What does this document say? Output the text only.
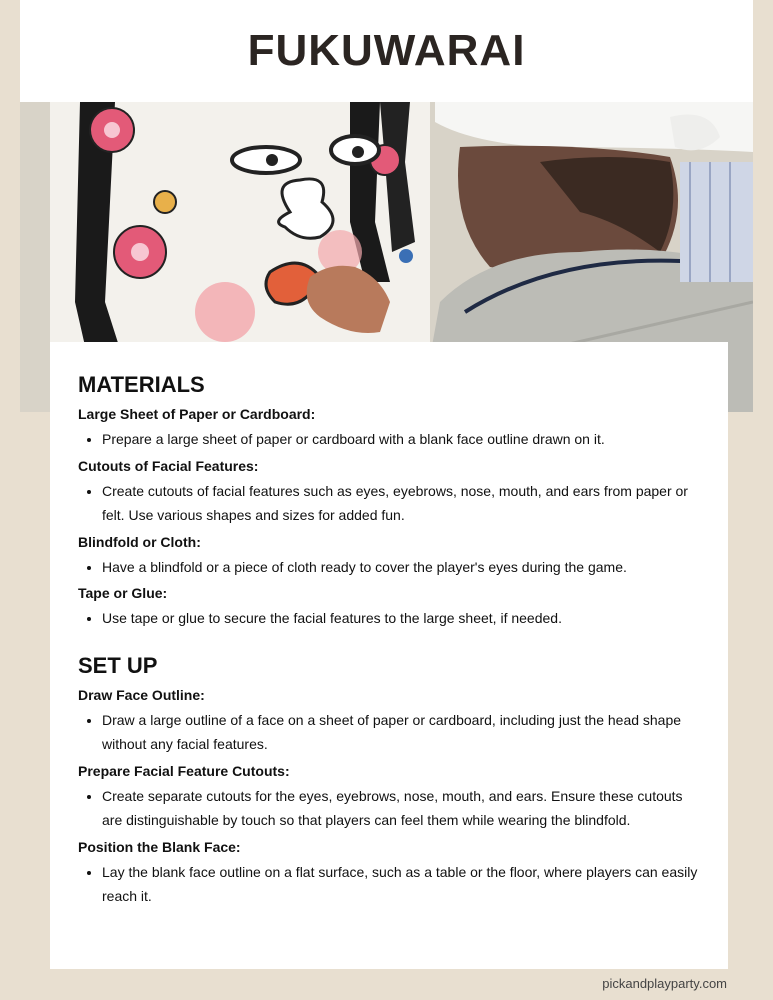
FUKUWARAI
MATERIALS
Large Sheet of Paper or Cardboard:
• Prepare a large sheet of paper or cardboard with a blank face outline drawn on it.
Cutouts of Facial Features:
• Create cutouts of facial features such as eyes, eyebrows, nose, mouth, and ears from paper or felt. Use various shapes and sizes for added fun.
Blindfold or Cloth:
• Have a blindfold or a piece of cloth ready to cover the player's eyes during the game.
Tape or Glue:
• Use tape or glue to secure the facial features to the large sheet, if needed.
SET UP
Draw Face Outline:
• Draw a large outline of a face on a sheet of paper or cardboard, including just the head shape without any facial features.
Prepare Facial Feature Cutouts:
• Create separate cutouts for the eyes, eyebrows, nose, mouth, and ears. Ensure these cutouts are distinguishable by touch so that players can feel them while wearing the blindfold.
Position the Blank Face:
• Lay the blank face outline on a flat surface, such as a table or the floor, where players can easily reach it.
pickandplayparty.com
